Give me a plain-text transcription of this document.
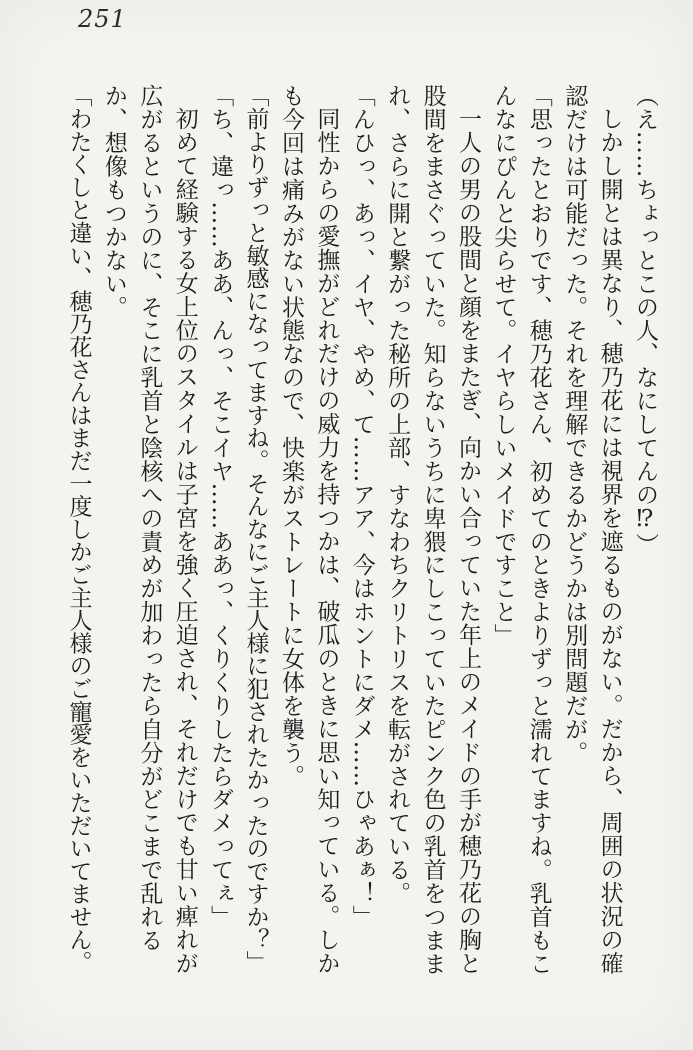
251

（え……ちょっとこの人、なにしてんの⁉）

しかし開とは異なり、穂乃花には視界を遮るものがない。だから、周囲の状況の確認だけは可能だった。それを理解できるかどうかは別問題だが。

「思ったとおりです、穂乃花さん、初めてのときよりずっと濡れてますね。乳首もこんなにぴんと尖らせて。イヤらしいメイドですこと」

一人の男の股間と顔をまたぎ、向かい合っていた年上のメイドの手が穂乃花の胸と股間をまさぐっていた。知らないうちに卑猥にしこっていたピンク色の乳首をつままれ、さらに開と繋がった秘所の上部、すなわちクリトリスを転がされている。

「んひっ、あっ、イヤ、やめ、て……アア、今はホントにダメ……ひゃあぁ！」

同性からの愛撫がどれだけの威力を持つかは、破瓜のときに思い知っている。しかも今回は痛みがない状態なので、快楽がストレートに女体を襲う。

「前よりずっと敏感になってますね。そんなにご主人様に犯されたかったのですか？」

「ち、違っ……ああ、んっ、そこイヤ……ああっ、くりくりしたらダメってぇ」

初めて経験する女上位のスタイルは子宮を強く圧迫され、それだけでも甘い痺れが広がるというのに、そこに乳首と陰核への責めが加わったら自分がどこまで乱れるか、想像もつかない。

「わたくしと違い、穂乃花さんはまだ一度しかご主人様のご寵愛をいただいてません。
